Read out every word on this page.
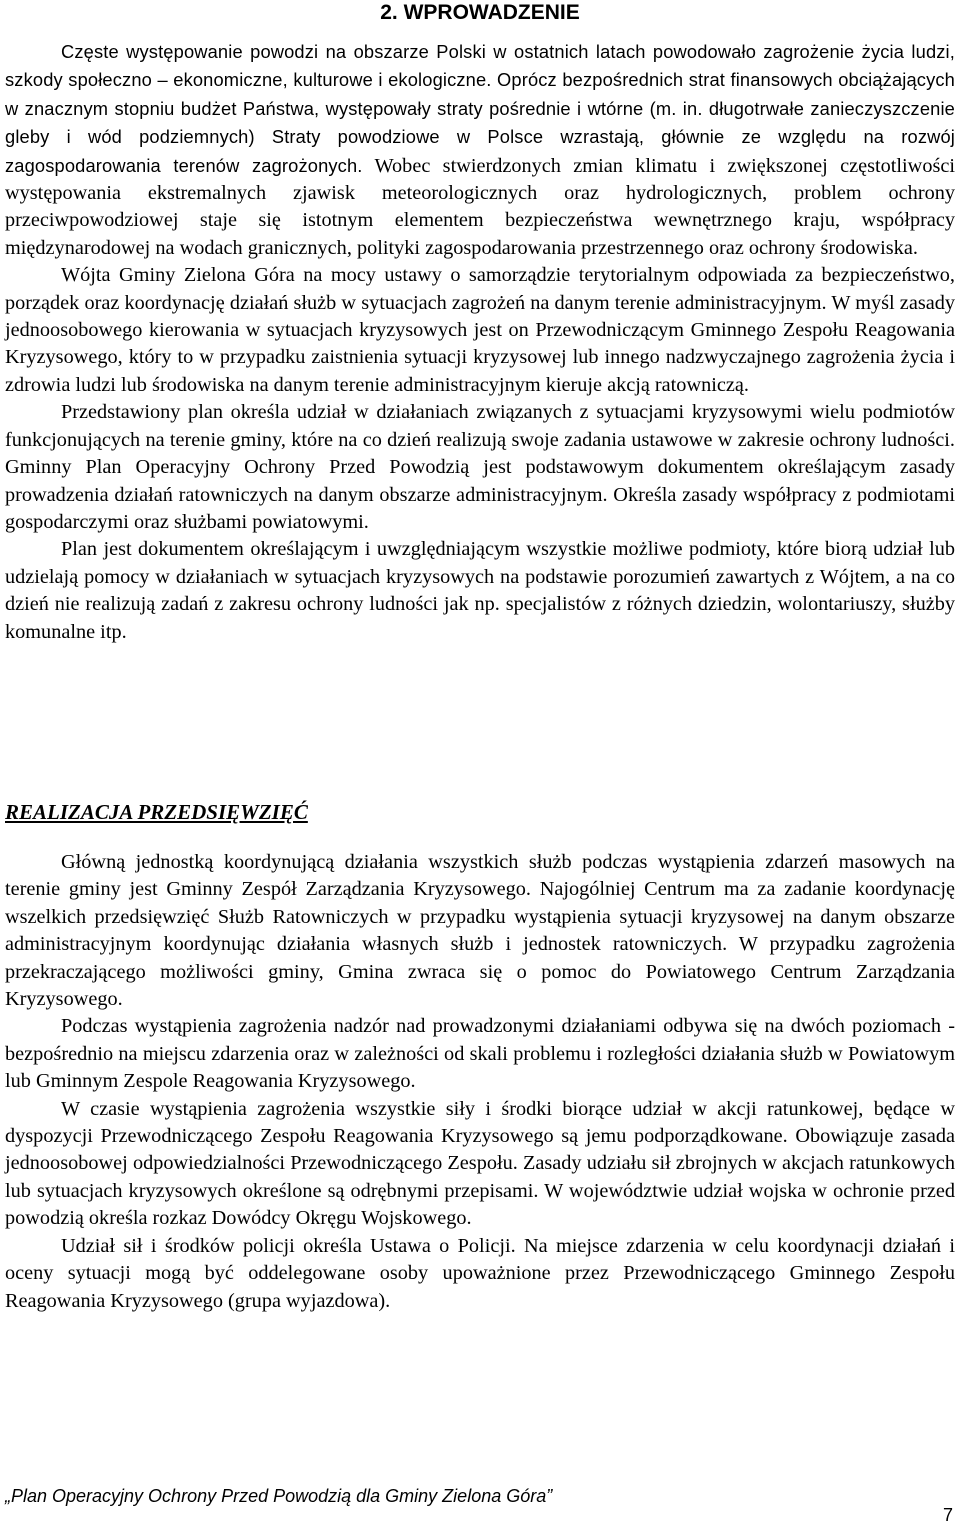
2. WPROWADZENIE

Częste występowanie powodzi na obszarze Polski w ostatnich latach powodowało zagrożenie życia ludzi, szkody społeczno – ekonomiczne, kulturowe i ekologiczne. Oprócz bezpośrednich strat finansowych obciążających w znacznym stopniu budżet Państwa, występowały straty pośrednie i wtórne (m. in. długotrwałe zanieczyszczenie gleby i wód podziemnych) Straty powodziowe w Polsce wzrastają, głównie ze względu na rozwój zagospodarowania terenów zagrożonych. Wobec stwierdzonych zmian klimatu i zwiększonej częstotliwości występowania ekstremalnych zjawisk meteorologicznych oraz hydrologicznych, problem ochrony przeciwpowodziowej staje się istotnym elementem bezpieczeństwa wewnętrznego kraju, współpracy międzynarodowej na wodach granicznych, polityki zagospodarowania przestrzennego oraz ochrony środowiska.

Wójta Gminy Zielona Góra na mocy ustawy o samorządzie terytorialnym odpowiada za bezpieczeństwo, porządek oraz koordynację działań służb w sytuacjach zagrożeń na danym terenie administracyjnym. W myśl zasady jednoosobowego kierowania w sytuacjach kryzysowych jest on Przewodniczącym Gminnego Zespołu Reagowania Kryzysowego, który to w przypadku zaistnienia sytuacji kryzysowej lub innego nadzwyczajnego zagrożenia życia i zdrowia ludzi lub środowiska na danym terenie administracyjnym kieruje akcją ratowniczą.

Przedstawiony plan określa udział w działaniach związanych z sytuacjami kryzysowymi wielu podmiotów funkcjonujących na terenie gminy, które na co dzień realizują swoje zadania ustawowe w zakresie ochrony ludności. Gminny Plan Operacyjny Ochrony Przed Powodzią jest podstawowym dokumentem określającym zasady prowadzenia działań ratowniczych na danym obszarze administracyjnym. Określa zasady współpracy z podmiotami gospodarczymi oraz służbami powiatowymi.

Plan jest dokumentem określającym i uwzględniającym wszystkie możliwe podmioty, które biorą udział lub udzielają pomocy w działaniach w sytuacjach kryzysowych na podstawie porozumień zawartych z Wójtem, a na co dzień nie realizują zadań z zakresu ochrony ludności jak np. specjalistów z różnych dziedzin, wolontariuszy, służby komunalne itp.

REALIZACJA PRZEDSIĘWZIĘĆ

Główną jednostką koordynującą działania wszystkich służb podczas wystąpienia zdarzeń masowych na terenie gminy jest Gminny Zespół Zarządzania Kryzysowego. Najogólniej Centrum ma za zadanie koordynację wszelkich przedsięwzięć Służb Ratowniczych w przypadku wystąpienia sytuacji kryzysowej na danym obszarze administracyjnym koordynując działania własnych służb i jednostek ratowniczych. W przypadku zagrożenia przekraczającego możliwości gminy, Gmina zwraca się o pomoc do Powiatowego Centrum Zarządzania Kryzysowego.

Podczas wystąpienia zagrożenia nadzór nad prowadzonymi działaniami odbywa się na dwóch poziomach - bezpośrednio na miejscu zdarzenia oraz w zależności od skali problemu i rozległości działania służb w Powiatowym lub Gminnym Zespole Reagowania Kryzysowego.

W czasie wystąpienia zagrożenia wszystkie siły i środki biorące udział w akcji ratunkowej, będące w dyspozycji Przewodniczącego Zespołu Reagowania Kryzysowego są jemu podporządkowane. Obowiązuje zasada jednoosobowej odpowiedzialności Przewodniczącego Zespołu. Zasady udziału sił zbrojnych w akcjach ratunkowych lub sytuacjach kryzysowych określone są odrębnymi przepisami. W województwie udział wojska w ochronie przed powodzią określa rozkaz Dowódcy Okręgu Wojskowego.

Udział sił i środków policji określa Ustawa o Policji. Na miejsce zdarzenia w celu koordynacji działań i oceny sytuacji mogą być oddelegowane osoby upoważnione przez Przewodniczącego Gminnego Zespołu Reagowania Kryzysowego (grupa wyjazdowa).

„Plan Operacyjny Ochrony Przed Powodzią dla Gminy Zielona Góra”
7
